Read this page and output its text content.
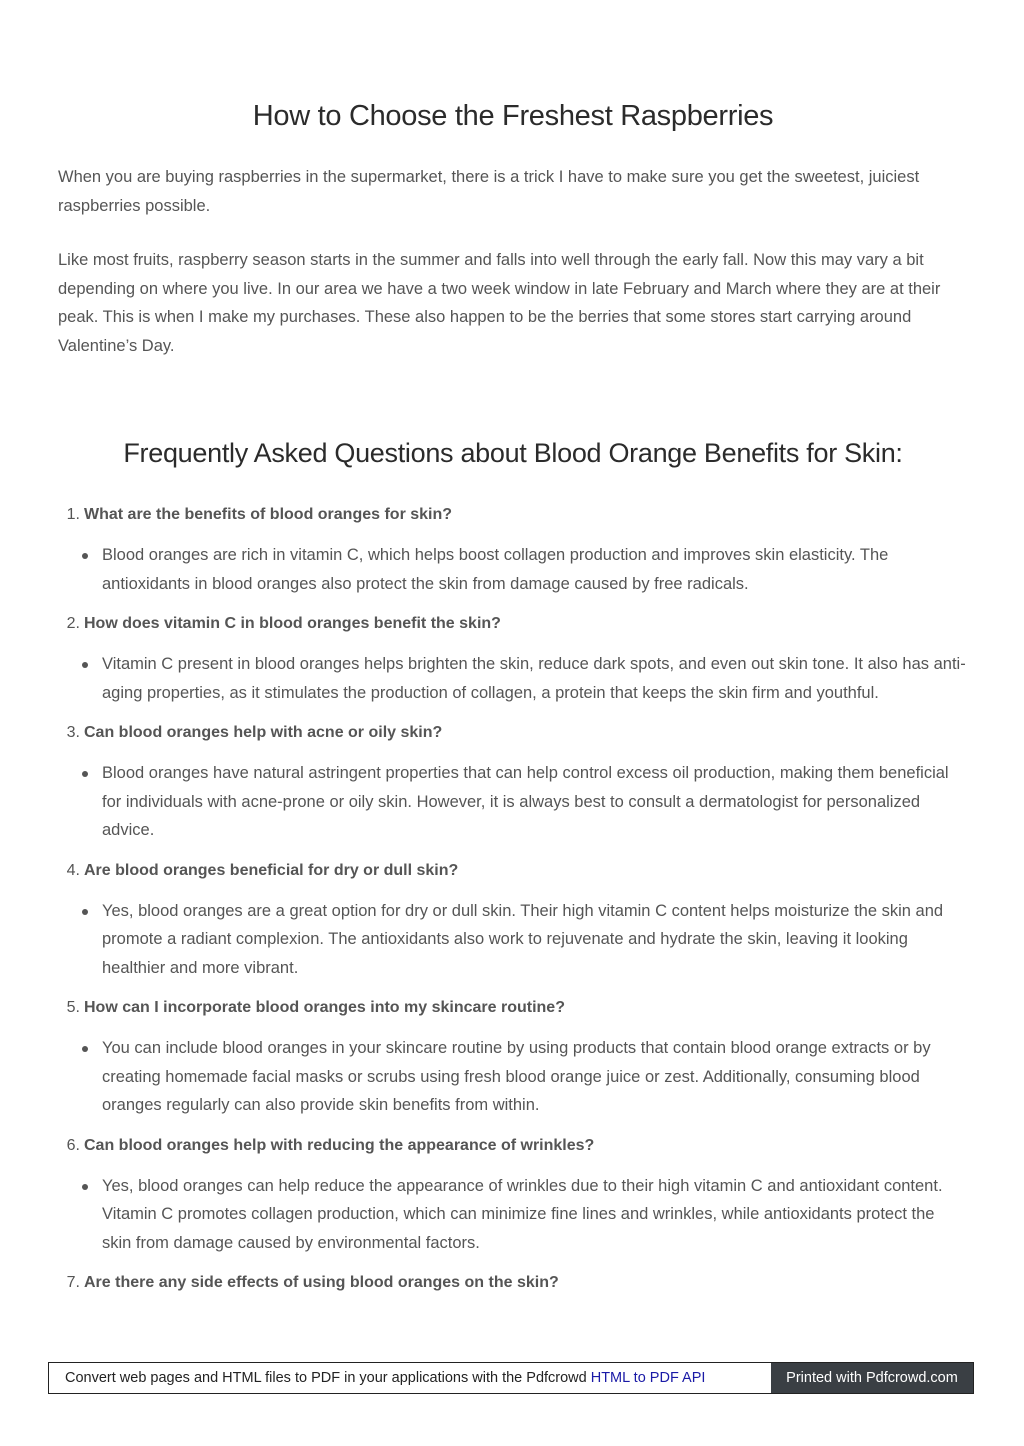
How to Choose the Freshest Raspberries

When you are buying raspberries in the supermarket, there is a trick I have to make sure you get the sweetest, juiciest raspberries possible.

Like most fruits, raspberry season starts in the summer and falls into well through the early fall. Now this may vary a bit depending on where you live. In our area we have a two week window in late February and March where they are at their peak. This is when I make my purchases. These also happen to be the berries that some stores start carrying around Valentine’s Day.

Frequently Asked Questions about Blood Orange Benefits for Skin:
1. What are the benefits of blood oranges for skin?
Blood oranges are rich in vitamin C, which helps boost collagen production and improves skin elasticity. The antioxidants in blood oranges also protect the skin from damage caused by free radicals.
2. How does vitamin C in blood oranges benefit the skin?
Vitamin C present in blood oranges helps brighten the skin, reduce dark spots, and even out skin tone. It also has anti-aging properties, as it stimulates the production of collagen, a protein that keeps the skin firm and youthful.
3. Can blood oranges help with acne or oily skin?
Blood oranges have natural astringent properties that can help control excess oil production, making them beneficial for individuals with acne-prone or oily skin. However, it is always best to consult a dermatologist for personalized advice.
4. Are blood oranges beneficial for dry or dull skin?
Yes, blood oranges are a great option for dry or dull skin. Their high vitamin C content helps moisturize the skin and promote a radiant complexion. The antioxidants also work to rejuvenate and hydrate the skin, leaving it looking healthier and more vibrant.
5. How can I incorporate blood oranges into my skincare routine?
You can include blood oranges in your skincare routine by using products that contain blood orange extracts or by creating homemade facial masks or scrubs using fresh blood orange juice or zest. Additionally, consuming blood oranges regularly can also provide skin benefits from within.
6. Can blood oranges help with reducing the appearance of wrinkles?
Yes, blood oranges can help reduce the appearance of wrinkles due to their high vitamin C and antioxidant content. Vitamin C promotes collagen production, which can minimize fine lines and wrinkles, while antioxidants protect the skin from damage caused by environmental factors.
7. Are there any side effects of using blood oranges on the skin?
Convert web pages and HTML files to PDF in your applications with the Pdfcrowd HTML to PDF API	Printed with Pdfcrowd.com
